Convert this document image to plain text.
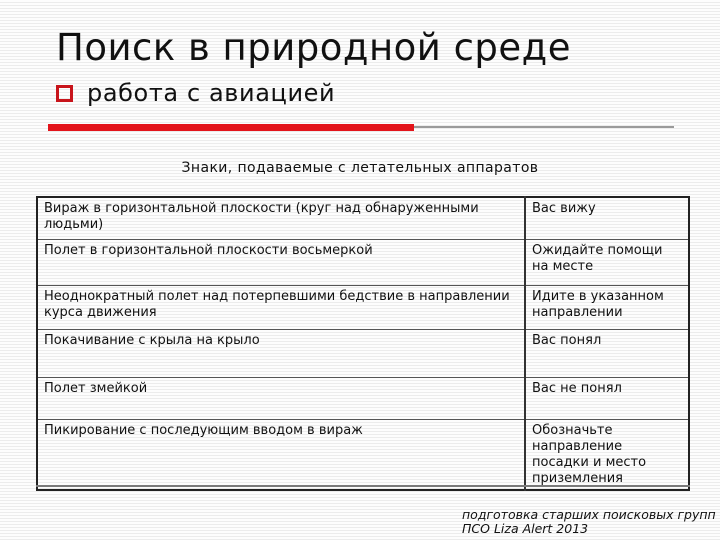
Поиск в природной среде
работа с авиацией
Знаки, подаваемые с летательных аппаратов
Вираж в горизонтальной плоскости (круг над обнаруженными людьми)	Вас вижу
Полет в горизонтальной плоскости восьмеркой	Ожидайте помощи на месте
Неоднократный полет над потерпевшими бедствие в направлении курса движения	Идите в указанном направлении
Покачивание с крыла на крыло	Вас понял
Полет змейкой	Вас не понял
Пикирование с последующим вводом в вираж	Обозначьте направление посадки и место приземления
подготовка старших поисковых групп
ПСО Liza Alert 2013
